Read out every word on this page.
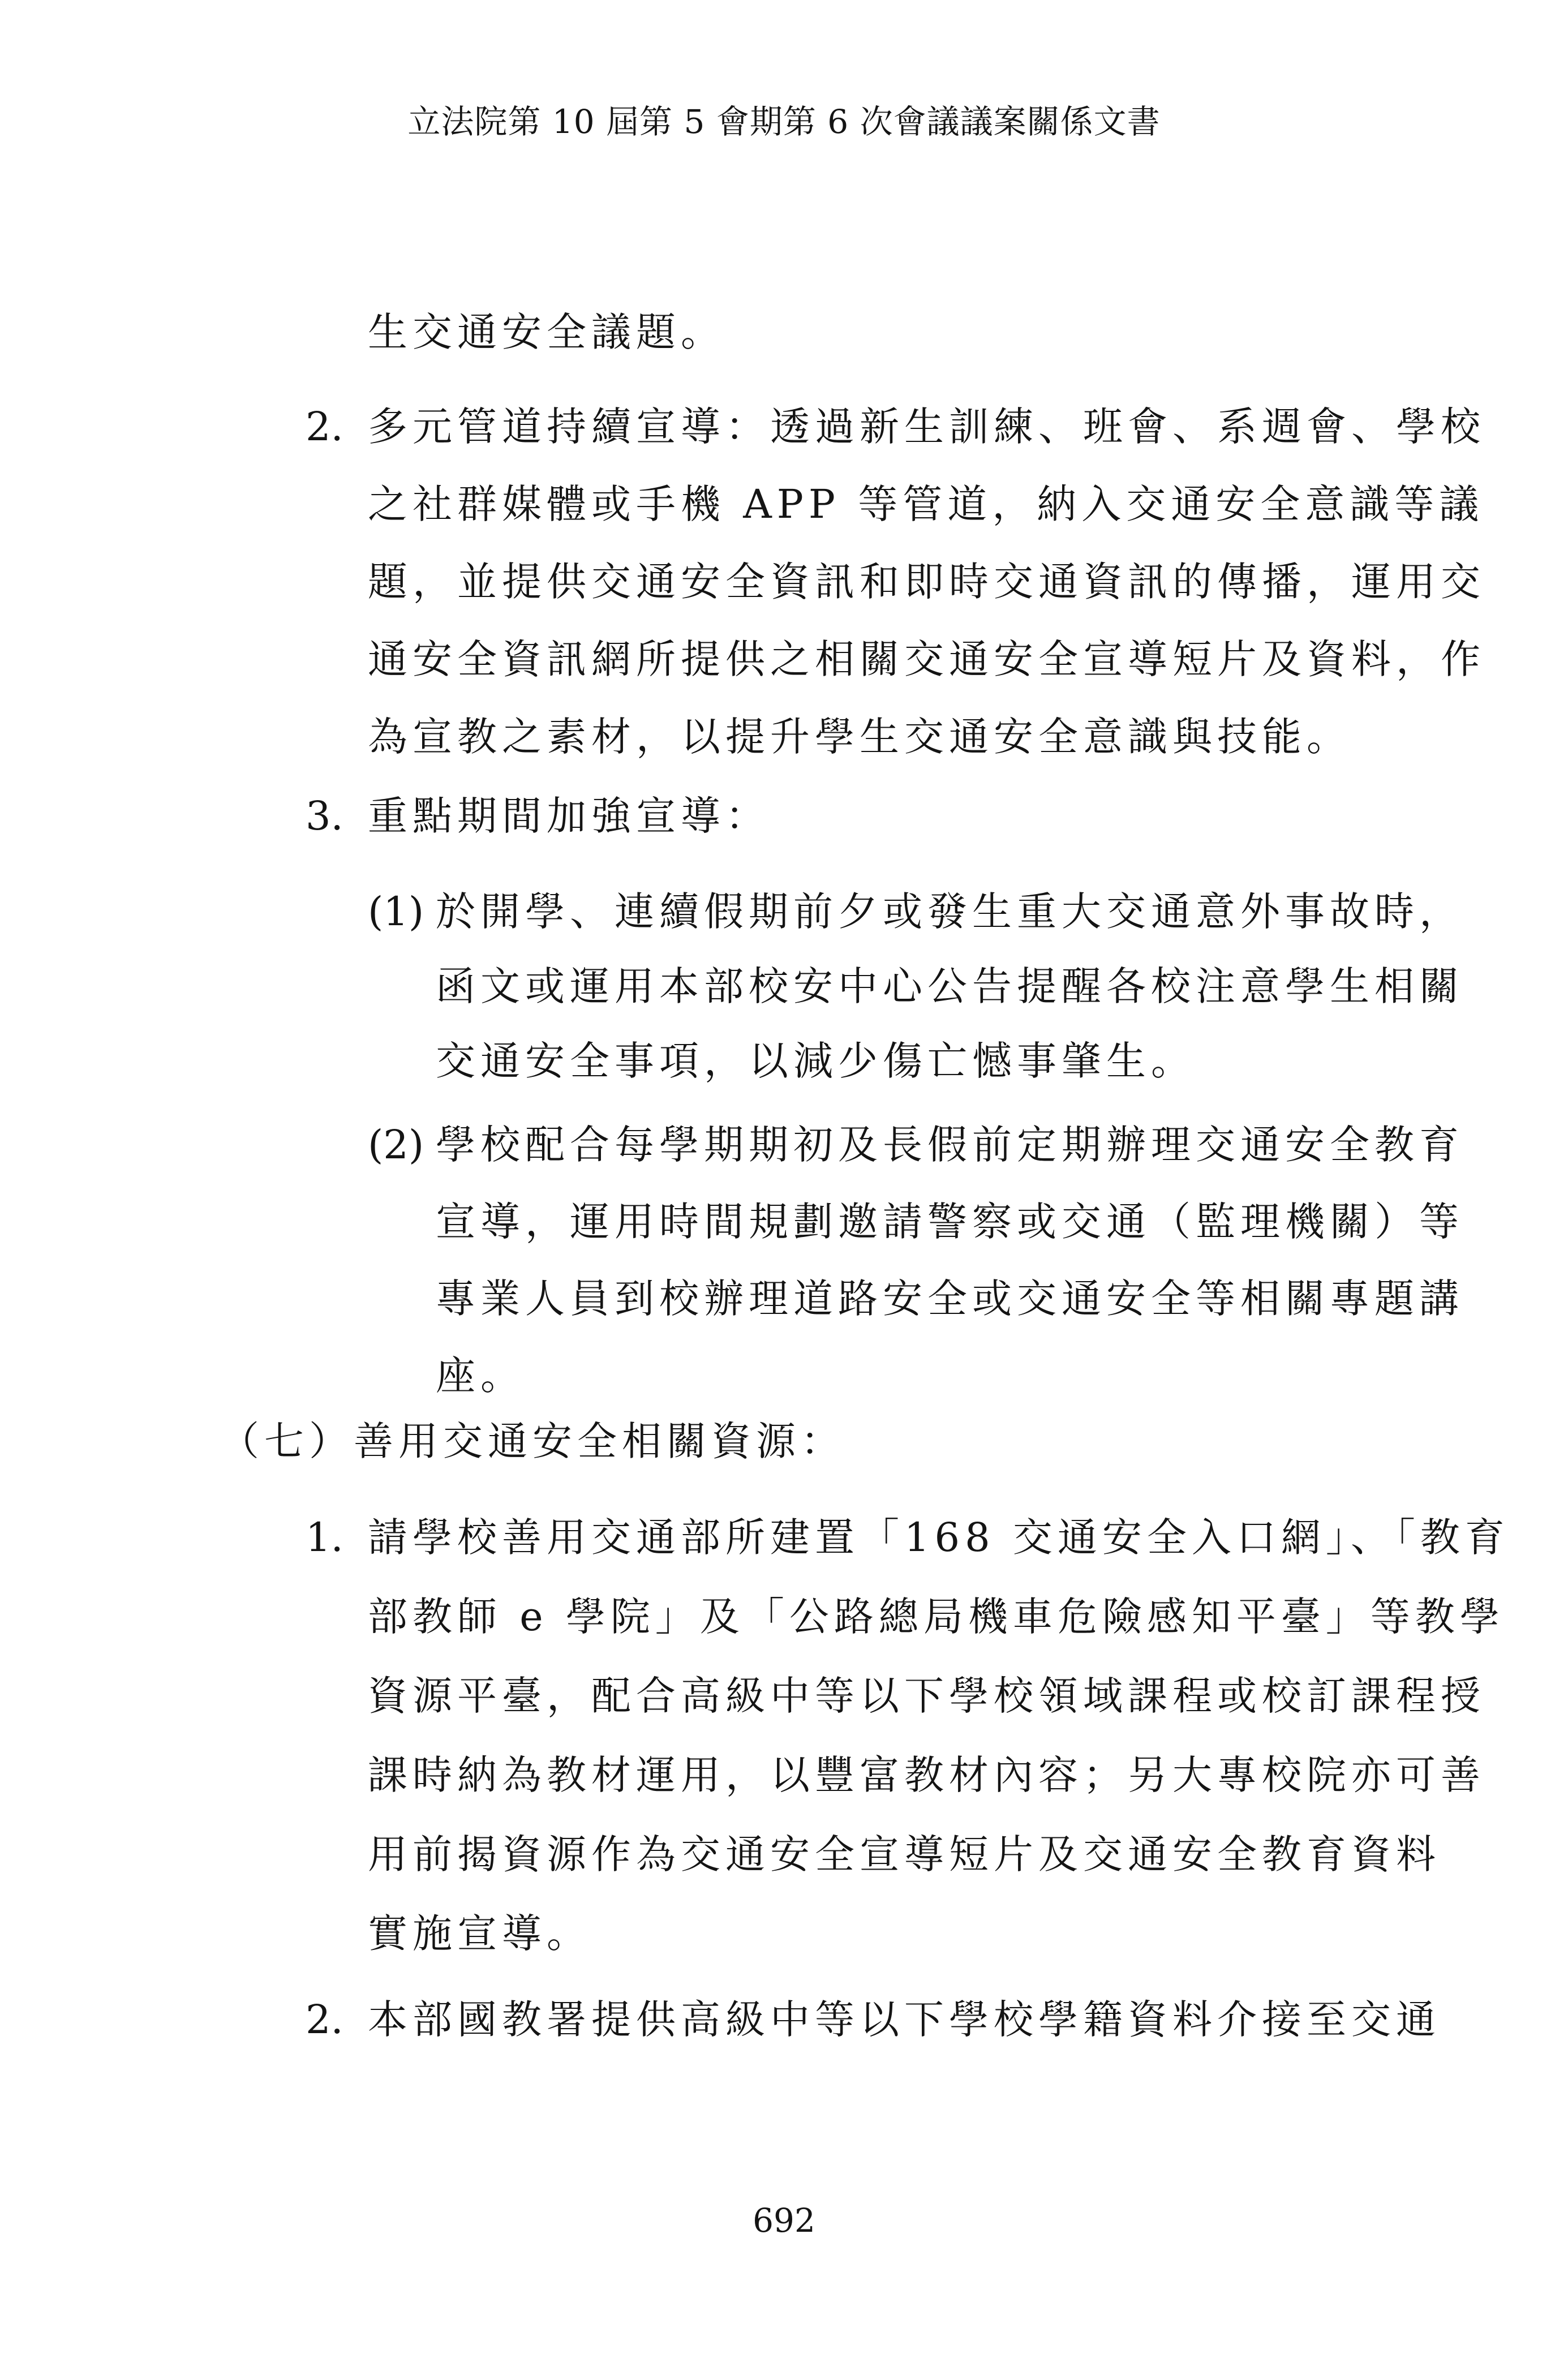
立法院第 10 屆第 5 會期第 6 次會議議案關係文書
生交通安全議題。
2. 多元管道持續宣導：透過新生訓練、班會、系週會、學校
之社群媒體或手機 APP 等管道，納入交通安全意識等議
題，並提供交通安全資訊和即時交通資訊的傳播，運用交
通安全資訊網所提供之相關交通安全宣導短片及資料，作
為宣教之素材，以提升學生交通安全意識與技能。
3. 重點期間加強宣導：
(1) 於開學、連續假期前夕或發生重大交通意外事故時，
函文或運用本部校安中心公告提醒各校注意學生相關
交通安全事項，以減少傷亡憾事肇生。
(2) 學校配合每學期期初及長假前定期辦理交通安全教育
宣導，運用時間規劃邀請警察或交通（監理機關）等
專業人員到校辦理道路安全或交通安全等相關專題講
座。
（七）善用交通安全相關資源：
1. 請學校善用交通部所建置「168 交通安全入口網」、「教育
部教師 e 學院」及「公路總局機車危險感知平臺」等教學
資源平臺，配合高級中等以下學校領域課程或校訂課程授
課時納為教材運用，以豐富教材內容；另大專校院亦可善
用前揭資源作為交通安全宣導短片及交通安全教育資料
實施宣導。
2. 本部國教署提供高級中等以下學校學籍資料介接至交通
692
